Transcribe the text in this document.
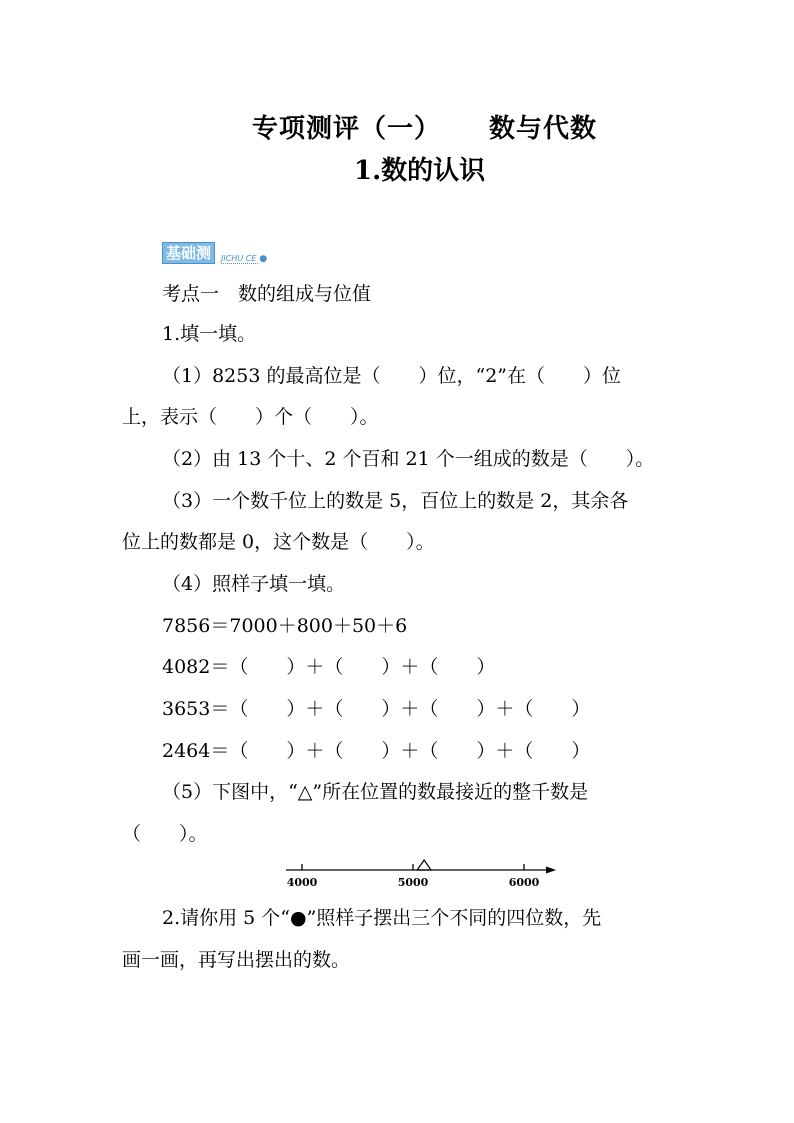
专项测评（一） 数与代数
1.数的认识
基础测	JICHU CE ●
考点一　数的组成与位值
1.填一填。
（1）8253 的最高位是（　　）位，“2”在（　　）位
上，表示（　　）个（　　）。
（2）由 13 个十、2 个百和 21 个一组成的数是（　　）。
（3）一个数千位上的数是 5，百位上的数是 2，其余各
位上的数都是 0，这个数是（　　）。
（4）照样子填一填。
7856＝7000＋800＋50＋6
4082＝（　　）＋（　　）＋（　　）
3653＝（　　）＋（　　）＋（　　）＋（　　）
2464＝（　　）＋（　　）＋（　　）＋（　　）
（5）下图中，“△”所在位置的数最接近的整千数是
（　　）。
4000	5000	6000
2.请你用 5 个“●”照样子摆出三个不同的四位数，先
画一画，再写出摆出的数。
